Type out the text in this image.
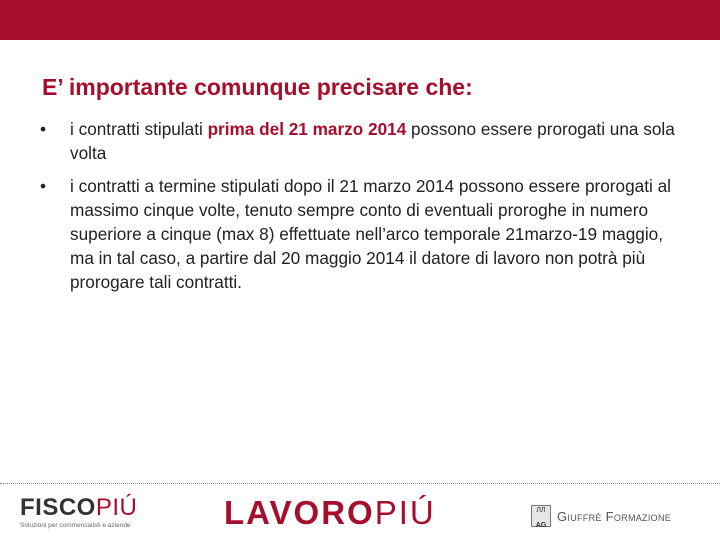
E’ importante comunque precisare che:
• i contratti stipulati prima del 21 marzo 2014 possono essere prorogati una sola volta
• i contratti a termine stipulati dopo il 21 marzo 2014 possono essere prorogati al massimo cinque volte, tenuto sempre conto di eventuali proroghe in numero superiore a cinque (max 8) effettuate nell’arco temporale 21marzo-19 maggio, ma in tal caso, a partire dal 20 maggio 2014 il datore di lavoro non potrà più prorogare tali contratti.
FISCOPIÚ
Soluzioni per commercialisti e aziende	LAVOROPIÚ	ЛЛ
AG
Giuffrè Formazione
